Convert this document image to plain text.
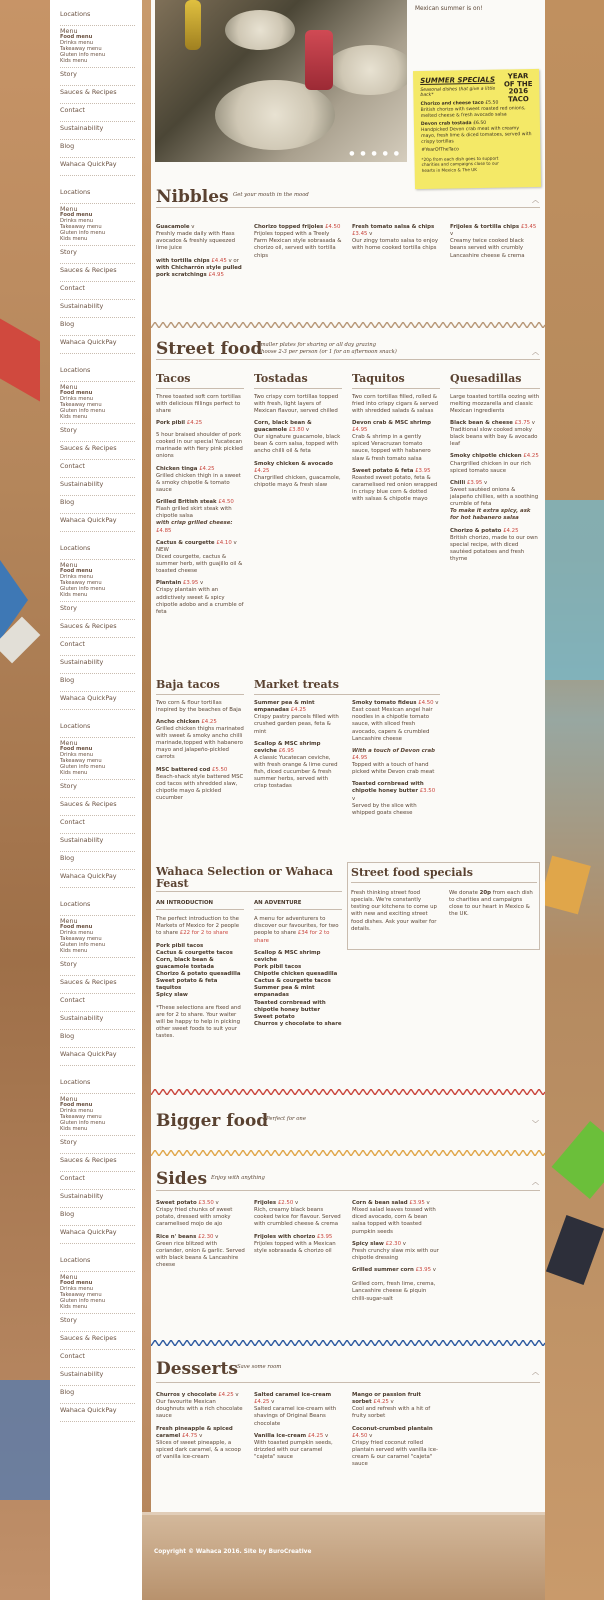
Locations
Menu
Food menu
Drinks menu
Takeaway menu
Gluten info menu
Kids menu
Story
Sauces & Recipes
Contact
Sustainability
Blog
Wahaca QuickPay
Locations
Menu
Food menu
Drinks menu
Takeaway menu
Gluten info menu
Kids menu
Story
Sauces & Recipes
Contact
Sustainability
Blog
Wahaca QuickPay
Locations
Menu
Food menu
Drinks menu
Takeaway menu
Gluten info menu
Kids menu
Story
Sauces & Recipes
Contact
Sustainability
Blog
Wahaca QuickPay
Locations
Menu
Food menu
Drinks menu
Takeaway menu
Gluten info menu
Kids menu
Story
Sauces & Recipes
Contact
Sustainability
Blog
Wahaca QuickPay
Locations
Menu
Food menu
Drinks menu
Takeaway menu
Gluten info menu
Kids menu
Story
Sauces & Recipes
Contact
Sustainability
Blog
Wahaca QuickPay
Locations
Menu
Food menu
Drinks menu
Takeaway menu
Gluten info menu
Kids menu
Story
Sauces & Recipes
Contact
Sustainability
Blog
Wahaca QuickPay
Locations
Menu
Food menu
Drinks menu
Takeaway menu
Gluten info menu
Kids menu
Story
Sauces & Recipes
Contact
Sustainability
Blog
Wahaca QuickPay
Locations
Menu
Food menu
Drinks menu
Takeaway menu
Gluten info menu
Kids menu
Story
Sauces & Recipes
Contact
Sustainability
Blog
Wahaca QuickPay
● ● ● ● ●
Mexican summer is on!
SUMMER SPECIALS	YEAR OF THE 2016 TACO

Seasonal dishes that give a little back*

Chorizo and cheese taco £5.50
British chorizo with sweet roasted red onions, melted cheese & fresh avocado salsa

Devon crab tostada £6.50
Handpicked Devon crab meat with creamy mayo, fresh lime & diced tomatoes, served with crispy tortillas

#YearOfTheTaco

*20p from each dish goes to support charities and campaigns close to our hearts in Mexico & The UK

Nibbles Get your mouth in the mood
︿

Guacamole v
Freshly made daily with Hass avocados & freshly squeezed lime juice

with tortilla chips £4.45 v or with Chicharrón style pulled pork scratchings £4.95

Chorizo topped frijoles £4.50
Frijoles topped with a Treely Farm Mexican style sobrasada & chorizo oil, served with tortilla chips

Fresh tomato salsa & chips £3.45 v
Our zingy tomato salsa to enjoy with home cooked tortilla chips

Frijoles & tortilla chips £3.45 v
Creamy twice cooked black beans served with crumbly Lancashire cheese & crema

Street food
Smaller plates for sharing or all day grazing
Choose 2-3 per person (or 1 for an afternoon snack)	︿
Tacos

Three toasted soft corn tortillas with delicious fillings perfect to share

Pork pibil £4.25

5 hour braised shoulder of pork cooked in our special Yucatecan marinade with fiery pink pickled onions

Chicken tinga £4.25
Grilled chicken thigh in a sweet & smoky chipotle & tomato sauce

Grilled British steak £4.50
Flash grilled skirt steak with chipotle salsa
with crisp grilled cheese: £4.85

Cactus & courgette £4.10 v NEW
Diced courgette, cactus & summer herb, with guajillo oil & toasted cheese

Plantain £3.95 v
Crispy plantain with an addictively sweet & spicy chipotle adobo and a crumble of feta

Tostadas

Two crispy corn tortillas topped with fresh, light layers of Mexican flavour, served chilled

Corn, black bean & guacamole £3.80 v
Our signature guacamole, black bean & corn salsa, topped with ancho chilli oil & feta

Smoky chicken & avocado £4.25
Chargrilled chicken, guacamole, chipotle mayo & fresh slaw

Taquitos

Two corn tortillas filled, rolled & fried into crispy cigars & served with shredded salads & salsas

Devon crab & MSC shrimp £4.95
Crab & shrimp in a gently spiced Veracruzan tomato sauce, topped with habanero slaw & fresh tomato salsa

Sweet potato & feta £3.95
Roasted sweet potato, feta & caramelised red onion wrapped in crispy blue corn & dotted with salsas & chipotle mayo

Quesadillas

Large toasted tortilla oozing with melting mozzarella and classic Mexican ingredients

Black bean & cheese £3.75 v
Traditional slow cooked smoky black beans with bay & avocado leaf

Smoky chipotle chicken £4.25
Chargrilled chicken in our rich spiced tomato sauce

Chilli £3.95 v
Sweet sautéed onions & jalapeño chillies, with a soothing crumble of feta
To make it extra spicy, ask for hot habanero salsa

Chorizo & potato £4.25
British chorizo, made to our own special recipe, with diced sautéed potatoes and fresh thyme

Baja tacos

Two corn & flour tortillas inspired by the beaches of Baja

Ancho chicken £4.25
Grilled chicken thighs marinated with sweet & smoky ancho chilli marinade,topped with habanero mayo and jalapeño-pickled carrots

MSC battered cod £5.50
Beach-shack style battered MSC cod tacos with shredded slaw, chipotle mayo & pickled cucumber

Market treats

Summer pea & mint empanadas £4.25
Crispy pastry parcels filled with crushed garden peas, feta & mint

Scallop & MSC shrimp ceviche £6.95
A classic Yucatecan ceviche, with fresh orange & lime cured fish, diced cucumber & fresh summer herbs, served with crisp tostadas

Smoky tomato fideus £4.50 v
East coast Mexican angel hair noodles in a chipotle tomato sauce, with sliced fresh avocado, capers & crumbled Lancashire cheese

With a touch of Devon crab £4.95
Topped with a touch of hand picked white Devon crab meat

Toasted cornbread with chipotle honey butter £3.50 v
Served by the slice with whipped goats cheese

Wahaca Selection or Wahaca Feast
AN INTRODUCTION

The perfect introduction to the Markets of Mexico for 2 people to share £22 for 2 to share

Pork pibil tacos
Cactus & courgette tacos
Corn, black bean & guacamole tostada
Chorizo & potato quesadilla
Sweet potato & feta taquitos
Spicy slaw

*These selections are fixed and are for 2 to share. Your waiter will be happy to help in picking other sweet foods to suit your tastes.

AN ADVENTURE

A menu for adventurers to discover our favourites, for two people to share £34 for 2 to share

Scallop & MSC shrimp ceviche
Pork pibil tacos
Chipotle chicken quesadilla
Cactus & courgette tacos
Summer pea & mint empanadas
Toasted cornbread with chipotle honey butter
Sweet potato
Churros y chocolate to share

Street food specials

Fresh thinking street food specials. We're constantly testing our kitchens to come up with new and exciting street food dishes. Ask your waiter for details.

We donate 20p from each dish to charities and campaigns close to our heart in Mexico & the UK.

Bigger food
Perfect for one
﹀
Sides Enjoy with anything	︿

Sweet potato £3.50 v
Crispy fried chunks of sweet potato, dressed with smoky caramelised mojo de ajo

Rice n' beans £2.30 v
Green rice blitzed with coriander, onion & garlic. Served with black beans & Lancashire cheese

Frijoles £2.50 v
Rich, creamy black beans cooked twice for flavour. Served with crumbled cheese & crema

Frijoles with chorizo £3.95
Frijoles topped with a Mexican style sobrasada & chorizo oil

Corn & bean salad £3.95 v
Mixed salad leaves tossed with diced avocado, corn & bean salsa topped with toasted pumpkin seeds

Spicy slaw £2.30 v
Fresh crunchy slaw mix with our chipotle dressing

Grilled summer corn £3.95 v

Grilled corn, fresh lime, crema, Lancashire cheese & piquin chilli-sugar-salt

Desserts Save some room
︿

Churros y chocolate £4.25 v
Our favourite Mexican doughnuts with a rich chocolate sauce

Fresh pineapple & spiced caramel £4.75 v
Slices of sweet pineapple, a spiced dark caramel, & a scoop of vanilla ice-cream

Salted caramel ice-cream £4.25 v
Salted caramel ice-cream with shavings of Original Beans chocolate

Vanilla ice-cream £4.25 v
With toasted pumpkin seeds, drizzled with our caramel "cajeta" sauce

Mango or passion fruit sorbet £4.25 v
Cool and refresh with a hit of fruity sorbet

Coconut-crumbed plantain £4.50 v
Crispy fried coconut rolled plantain served with vanilla ice-cream & our caramel "cajeta" sauce

Copyright © Wahaca 2016. Site by BuroCreative
